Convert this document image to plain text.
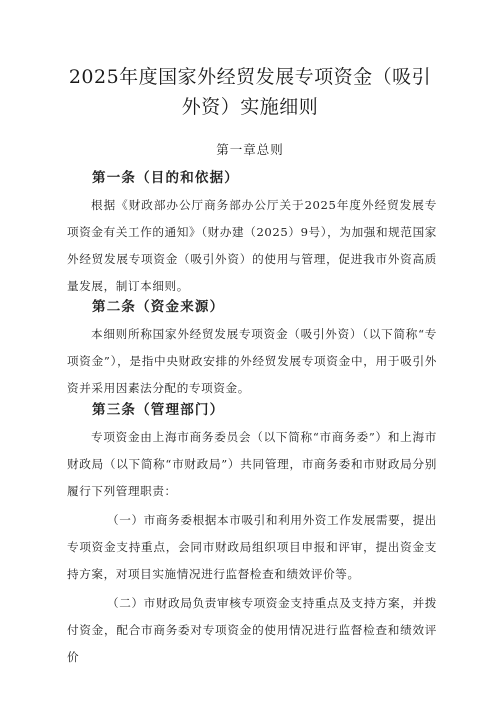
2025年度国家外经贸发展专项资金（吸引外资）实施细则
第一章总则
第一条（目的和依据）
根据《财政部办公厅商务部办公厅关于2025年度外经贸发展专项资金有关工作的通知》（财办建（2025）9号），为加强和规范国家外经贸发展专项资金（吸引外资）的使用与管理，促进我市外资高质量发展，制订本细则。
第二条（资金来源）
本细则所称国家外经贸发展专项资金（吸引外资）（以下简称“专项资金”），是指中央财政安排的外经贸发展专项资金中，用于吸引外资并采用因素法分配的专项资金。
第三条（管理部门）
专项资金由上海市商务委员会（以下简称“市商务委”）和上海市财政局（以下简称“市财政局”）共同管理，市商务委和市财政局分别履行下列管理职责：
（一）市商务委根据本市吸引和利用外资工作发展需要，提出专项资金支持重点，会同市财政局组织项目申报和评审，提出资金支持方案，对项目实施情况进行监督检查和绩效评价等。
（二）市财政局负责审核专项资金支持重点及支持方案，并拨付资金，配合市商务委对专项资金的使用情况进行监督检查和绩效评价
